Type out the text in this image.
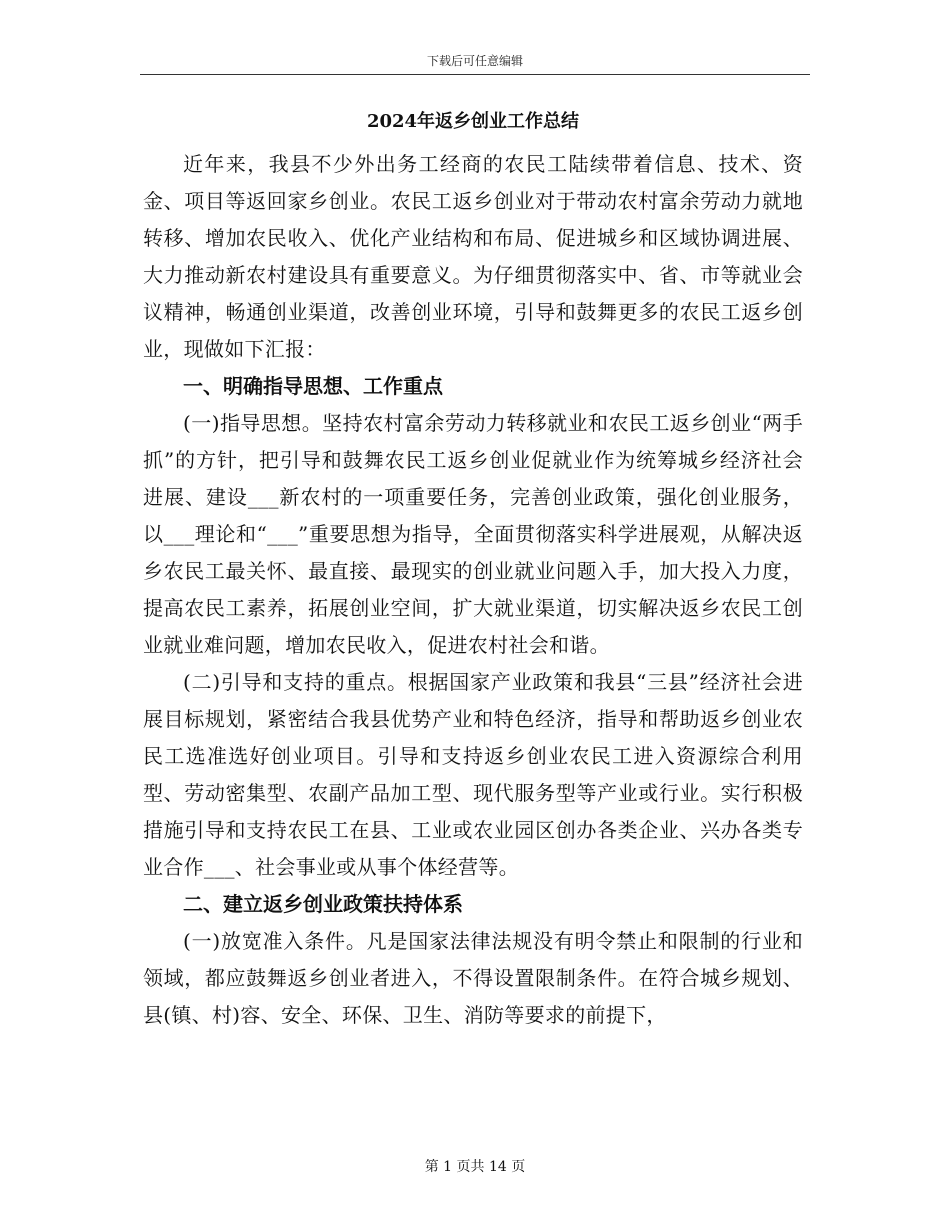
下载后可任意编辑
2024年返乡创业工作总结

近年来，我县不少外出务工经商的农民工陆续带着信息、技术、资金、项目等返回家乡创业。农民工返乡创业对于带动农村富余劳动力就地转移、增加农民收入、优化产业结构和布局、促进城乡和区域协调进展、大力推动新农村建设具有重要意义。为仔细贯彻落实中、省、市等就业会议精神，畅通创业渠道，改善创业环境，引导和鼓舞更多的农民工返乡创业，现做如下汇报：

一、明确指导思想、工作重点

(一)指导思想。坚持农村富余劳动力转移就业和农民工返乡创业“两手抓”的方针，把引导和鼓舞农民工返乡创业促就业作为统筹城乡经济社会进展、建设___新农村的一项重要任务，完善创业政策，强化创业服务，以___理论和“___”重要思想为指导，全面贯彻落实科学进展观，从解决返乡农民工最关怀、最直接、最现实的创业就业问题入手，加大投入力度，提高农民工素养，拓展创业空间，扩大就业渠道，切实解决返乡农民工创业就业难问题，增加农民收入，促进农村社会和谐。

(二)引导和支持的重点。根据国家产业政策和我县“三县”经济社会进展目标规划，紧密结合我县优势产业和特色经济，指导和帮助返乡创业农民工选准选好创业项目。引导和支持返乡创业农民工进入资源综合利用型、劳动密集型、农副产品加工型、现代服务型等产业或行业。实行积极措施引导和支持农民工在县、工业或农业园区创办各类企业、兴办各类专业合作___、社会事业或从事个体经营等。

二、建立返乡创业政策扶持体系

(一)放宽准入条件。凡是国家法律法规没有明令禁止和限制的行业和领域，都应鼓舞返乡创业者进入，不得设置限制条件。在符合城乡规划、县(镇、村)容、安全、环保、卫生、消防等要求的前提下，

第 1 页共 14 页
